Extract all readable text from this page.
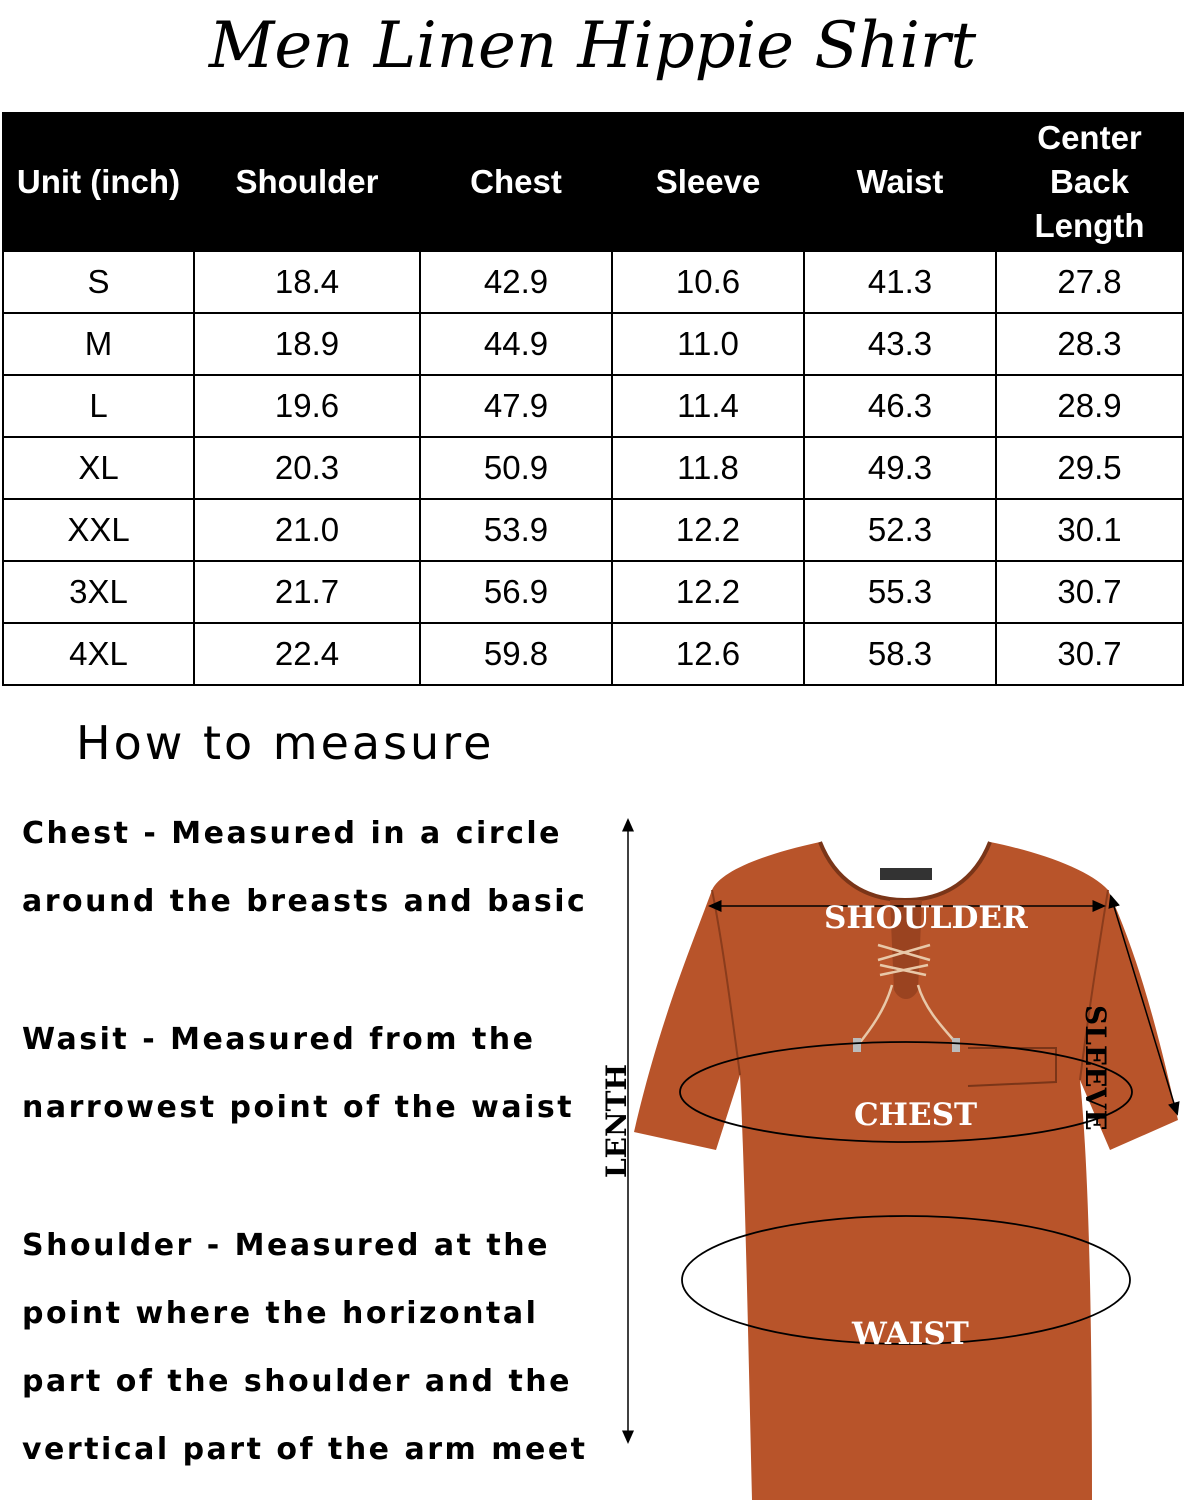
Men Linen Hippie Shirt
Unit (inch)	Shoulder	Chest	Sleeve	Waist	Center Back Length
S	18.4	42.9	10.6	41.3	27.8
M	18.9	44.9	11.0	43.3	28.3
L	19.6	47.9	11.4	46.3	28.9
XL	20.3	50.9	11.8	49.3	29.5
XXL	21.0	53.9	12.2	52.3	30.1
3XL	21.7	56.9	12.2	55.3	30.7
4XL	22.4	59.8	12.6	58.3	30.7
How to measure
Chest - Measured in a circle
around the breasts and basic
Wasit - Measured from the
narrowest point of the waist
Shoulder - Measured at the
point where the horizontal
part of the shoulder and the
vertical part of the arm meet
SHOULDER
SLEEVE
CHEST
WAIST
LENTH
